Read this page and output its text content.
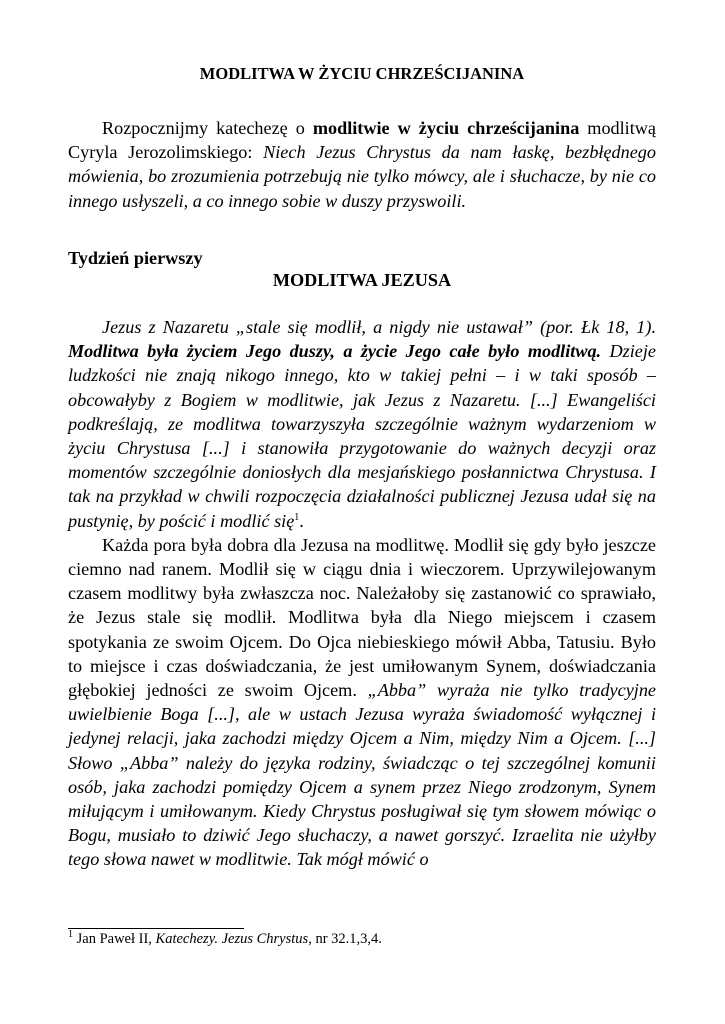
MODLITWA W ŻYCIU CHRZEŚCIJANINA

Rozpocznijmy katechezę o modlitwie w życiu chrześcijanina modlitwą Cyryla Jerozolimskiego: Niech Jezus Chrystus da nam łaskę, bezbłędnego mówienia, bo zrozumienia potrzebują nie tylko mówcy, ale i słuchacze, by nie co innego usłyszeli, a co innego sobie w duszy przyswoili.

Tydzień pierwszy
MODLITWA JEZUSA

Jezus z Nazaretu „stale się modlił, a nigdy nie ustawał” (por. Łk 18, 1). Modlitwa była życiem Jego duszy, a życie Jego całe było modlitwą. Dzieje ludzkości nie znają nikogo innego, kto w takiej pełni – i w taki sposób – obcowałyby z Bogiem w modlitwie, jak Jezus z Nazaretu. [...] Ewangeliści podkreślają, ze modlitwa towarzyszyła szczególnie ważnym wydarzeniom w życiu Chrystusa [...] i stanowiła przygotowanie do ważnych decyzji oraz momentów szczególnie doniosłych dla mesjańskiego posłannictwa Chrystusa. I tak na przykład w chwili rozpoczęcia działalności publicznej Jezusa udał się na pustynię, by pościć i modlić się$^1$.

Każda pora była dobra dla Jezusa na modlitwę. Modlił się gdy było jeszcze ciemno nad ranem. Modlił się w ciągu dnia i wieczorem. Uprzywilejowanym czasem modlitwy była zwłaszcza noc. Należałoby się zastanowić co sprawiało, że Jezus stale się modlił. Modlitwa była dla Niego miejscem i czasem spotykania ze swoim Ojcem. Do Ojca niebieskiego mówił Abba, Tatusiu. Było to miejsce i czas doświadczania, że jest umiłowanym Synem, doświadczania głębokiej jedności ze swoim Ojcem. „Abba” wyraża nie tylko tradycyjne uwielbienie Boga [...], ale w ustach Jezusa wyraża świadomość wyłącznej i jedynej relacji, jaka zachodzi między Ojcem a Nim, między Nim a Ojcem. [...] Słowo „Abba” należy do języka rodziny, świadcząc o tej szczególnej komunii osób, jaka zachodzi pomiędzy Ojcem a synem przez Niego zrodzonym, Synem miłującym i umiłowanym. Kiedy Chrystus posługiwał się tym słowem mówiąc o Bogu, musiało to dziwić Jego słuchaczy, a nawet gorszyć. Izraelita nie użyłby tego słowa nawet w modlitwie. Tak mógł mówić o

$^1$ Jan Paweł II, Katechezy. Jezus Chrystus, nr 32.1,3,4.
